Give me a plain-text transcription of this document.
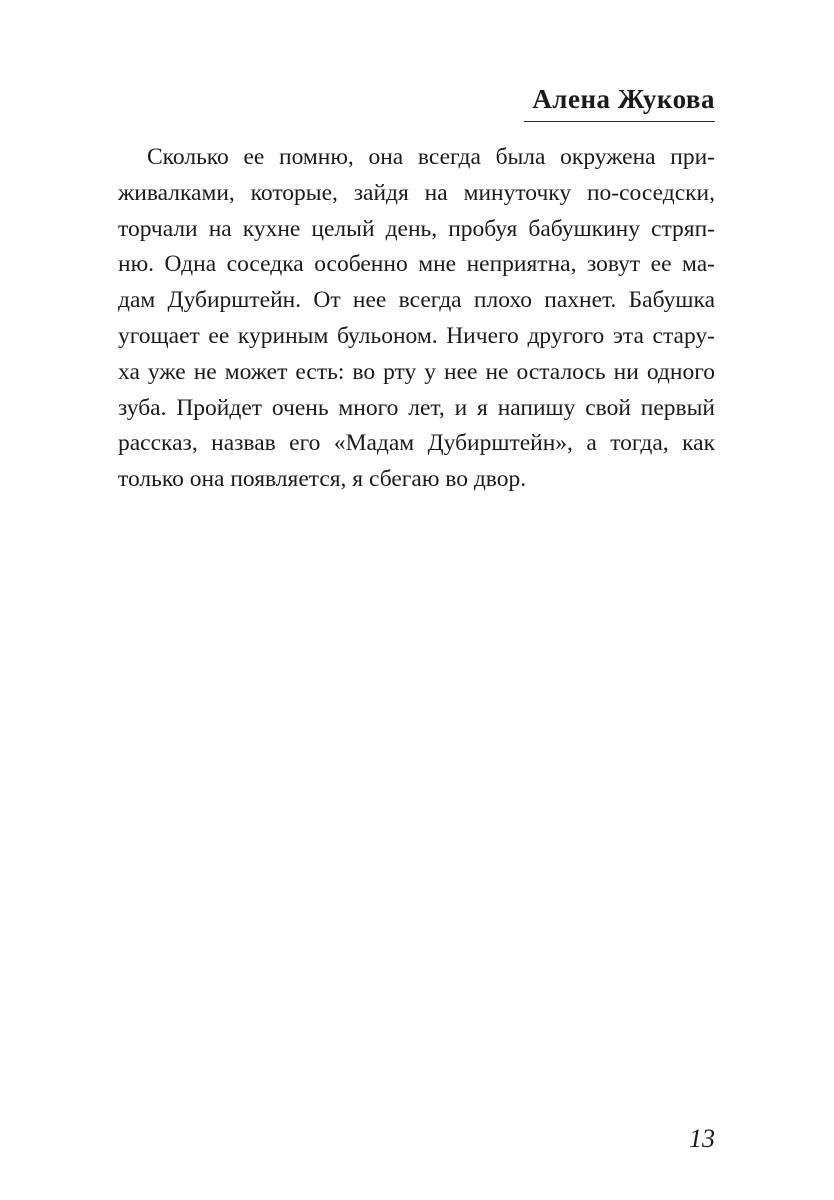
Алена Жукова
Сколько ее помню, она всегда была окружена при-
живалками, которые, зайдя на минуточку по-соседски,
торчали на кухне целый день, пробуя бабушкину стряп-
ню. Одна соседка особенно мне неприятна, зовут ее ма-
дам Дубирштейн. От нее всегда плохо пахнет. Бабушка
угощает ее куриным бульоном. Ничего другого эта стару-
ха уже не может есть: во рту у нее не осталось ни одного
зуба. Пройдет очень много лет, и я напишу свой первый
рассказ, назвав его «Мадам Дубирштейн», а тогда, как
только она появляется, я сбегаю во двор.
13
